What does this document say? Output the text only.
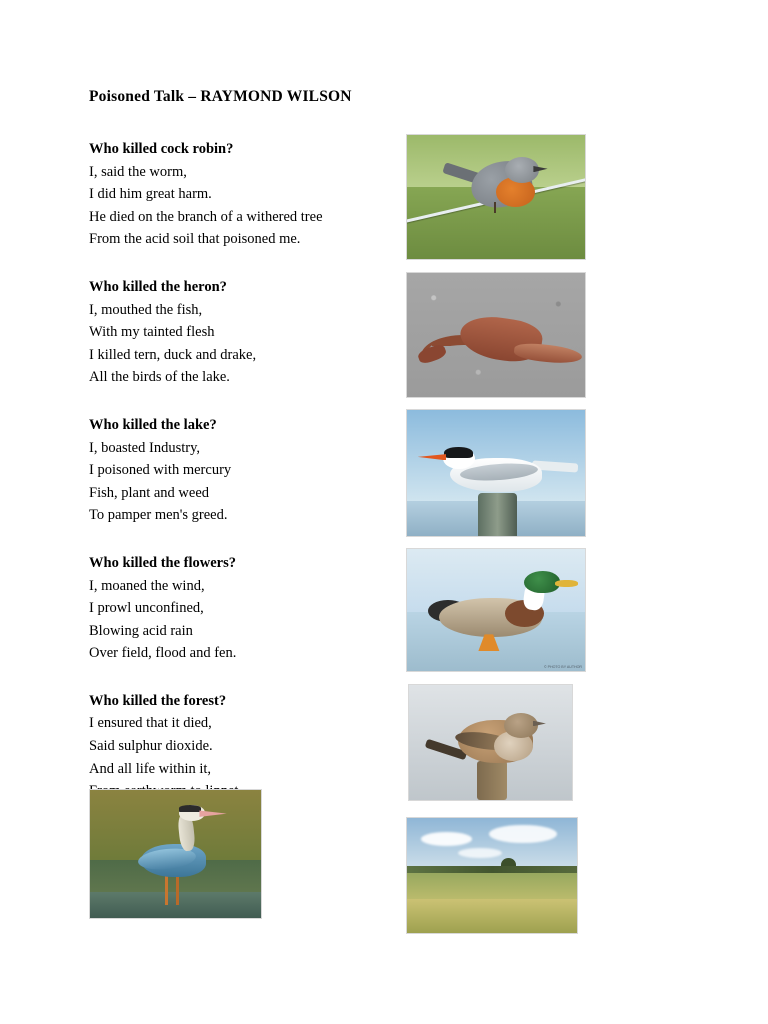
Poisoned Talk – RAYMOND WILSON
Who killed cock robin?
I, said the worm,
I did him great harm.
He died on the branch of a withered tree
From the acid soil that poisoned me.
Who killed the heron?
I, mouthed the fish,
With my tainted flesh
I killed tern, duck and drake,
All the birds of the lake.
Who killed the lake?
I, boasted Industry,
I poisoned with mercury
Fish, plant and weed
To pamper men's greed.
Who killed the flowers?
I, moaned the wind,
I prowl unconfined,
Blowing acid rain
Over field, flood and fen.
Who killed the forest?
I ensured that it died,
Said sulphur dioxide.
And all life within it,
© PHOTO BY AUTHOR
